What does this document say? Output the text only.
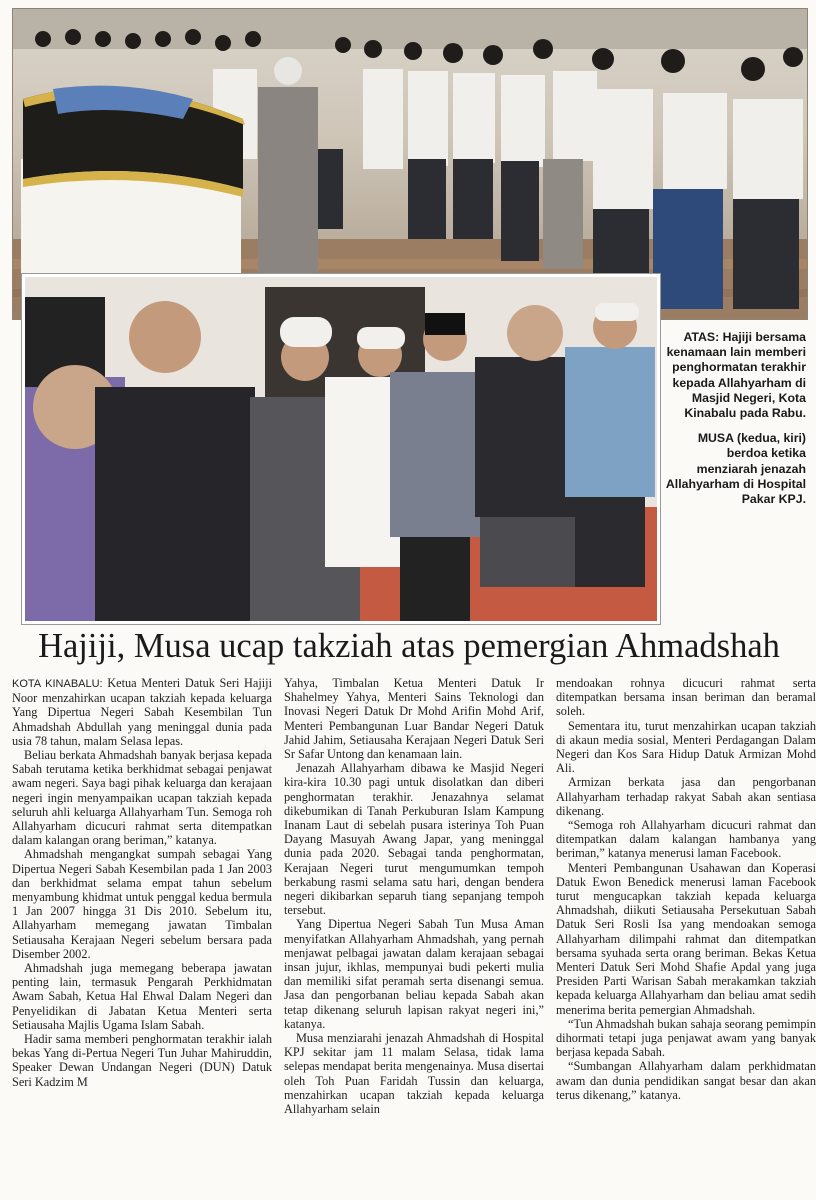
ATAS: Hajiji bersama kenamaan lain memberi penghormatan terakhir kepada Allahyarham di Masjid Negeri, Kota Kinabalu pada Rabu.

MUSA (kedua, kiri) berdoa ketika menziarah jenazah Allahyarham di Hospital Pakar KPJ.

Hajiji, Musa ucap takziah atas pemergian Ahmadshah

KOTA KINABALU: Ketua Menteri Datuk Seri Hajiji Noor menzahirkan ucapan takziah kepada keluarga Yang Dipertua Negeri Sabah Kesembilan Tun Ahmadshah Abdullah yang meninggal dunia pada usia 78 tahun, malam Selasa lepas.

Beliau berkata Ahmadshah banyak berjasa kepada Sabah terutama ketika berkhidmat sebagai penjawat awam negeri. Saya bagi pihak keluarga dan kerajaan negeri ingin menyampaikan ucapan takziah kepada seluruh ahli keluarga Allahyarham Tun. Semoga roh Allahyarham dicucuri rahmat serta ditempatkan dalam kalangan orang beriman,” katanya.

Ahmadshah mengangkat sumpah sebagai Yang Dipertua Negeri Sabah Kesembilan pada 1 Jan 2003 dan berkhidmat selama empat tahun sebelum menyambung khidmat untuk penggal kedua bermula 1 Jan 2007 hingga 31 Dis 2010. Sebelum itu, Allahyarham memegang jawatan Timbalan Setiausaha Kerajaan Negeri sebelum bersara pada Disember 2002.

Ahmadshah juga memegang beberapa jawatan penting lain, termasuk Pengarah Perkhidmatan Awam Sabah, Ketua Hal Ehwal Dalam Negeri dan Penyelidikan di Jabatan Ketua Menteri serta Setiausaha Majlis Ugama Islam Sabah.

Hadir sama memberi penghormatan terakhir ialah bekas Yang di-Pertua Negeri Tun Juhar Mahiruddin, Speaker Dewan Undangan Negeri (DUN) Datuk Seri Kadzim M

Yahya, Timbalan Ketua Menteri Datuk Ir Shahelmey Yahya, Menteri Sains Teknologi dan Inovasi Negeri Datuk Dr Mohd Arifin Mohd Arif, Menteri Pembangunan Luar Bandar Negeri Datuk Jahid Jahim, Setiausaha Kerajaan Negeri Datuk Seri Sr Safar Untong dan kenamaan lain.

Jenazah Allahyarham dibawa ke Masjid Negeri kira-kira 10.30 pagi untuk disolatkan dan diberi penghormatan terakhir. Jenazahnya selamat dikebumikan di Tanah Perkuburan Islam Kampung Inanam Laut di sebelah pusara isterinya Toh Puan Dayang Masuyah Awang Japar, yang meninggal dunia pada 2020. Sebagai tanda penghormatan, Kerajaan Negeri turut mengumumkan tempoh berkabung rasmi selama satu hari, dengan bendera negeri dikibarkan separuh tiang sepanjang tempoh tersebut.

Yang Dipertua Negeri Sabah Tun Musa Aman menyifatkan Allahyarham Ahmadshah, yang pernah menjawat pelbagai jawatan dalam kerajaan sebagai insan jujur, ikhlas, mempunyai budi pekerti mulia dan memiliki sifat peramah serta disenangi semua. Jasa dan pengorbanan beliau kepada Sabah akan tetap dikenang seluruh lapisan rakyat negeri ini,” katanya.

Musa menziarahi jenazah Ahmadshah di Hospital KPJ sekitar jam 11 malam Selasa, tidak lama selepas mendapat berita mengenainya. Musa disertai oleh Toh Puan Faridah Tussin dan keluarga, menzahirkan ucapan takziah kepada keluarga Allahyarham selain

mendoakan rohnya dicucuri rahmat serta ditempatkan bersama insan beriman dan beramal soleh.

Sementara itu, turut menzahirkan ucapan takziah di akaun media sosial, Menteri Perdagangan Dalam Negeri dan Kos Sara Hidup Datuk Armizan Mohd Ali.

Armizan berkata jasa dan pengorbanan Allahyarham terhadap rakyat Sabah akan sentiasa dikenang.

“Semoga roh Allahyarham dicucuri rahmat dan ditempatkan dalam kalangan hambanya yang beriman,” katanya menerusi laman Facebook.

Menteri Pembangunan Usahawan dan Koperasi Datuk Ewon Benedick menerusi laman Facebook turut mengucapkan takziah kepada keluarga Ahmadshah, diikuti Setiausaha Persekutuan Sabah Datuk Seri Rosli Isa yang mendoakan semoga Allahyarham dilimpahi rahmat dan ditempatkan bersama syuhada serta orang beriman. Bekas Ketua Menteri Datuk Seri Mohd Shafie Apdal yang juga Presiden Parti Warisan Sabah merakamkan takziah kepada keluarga Allahyarham dan beliau amat sedih menerima berita pemergian Ahmadshah.

“Tun Ahmadshah bukan sahaja seorang pemimpin dihormati tetapi juga penjawat awam yang banyak berjasa kepada Sabah.

“Sumbangan Allahyarham dalam perkhidmatan awam dan dunia pendidikan sangat besar dan akan terus dikenang,” katanya.
